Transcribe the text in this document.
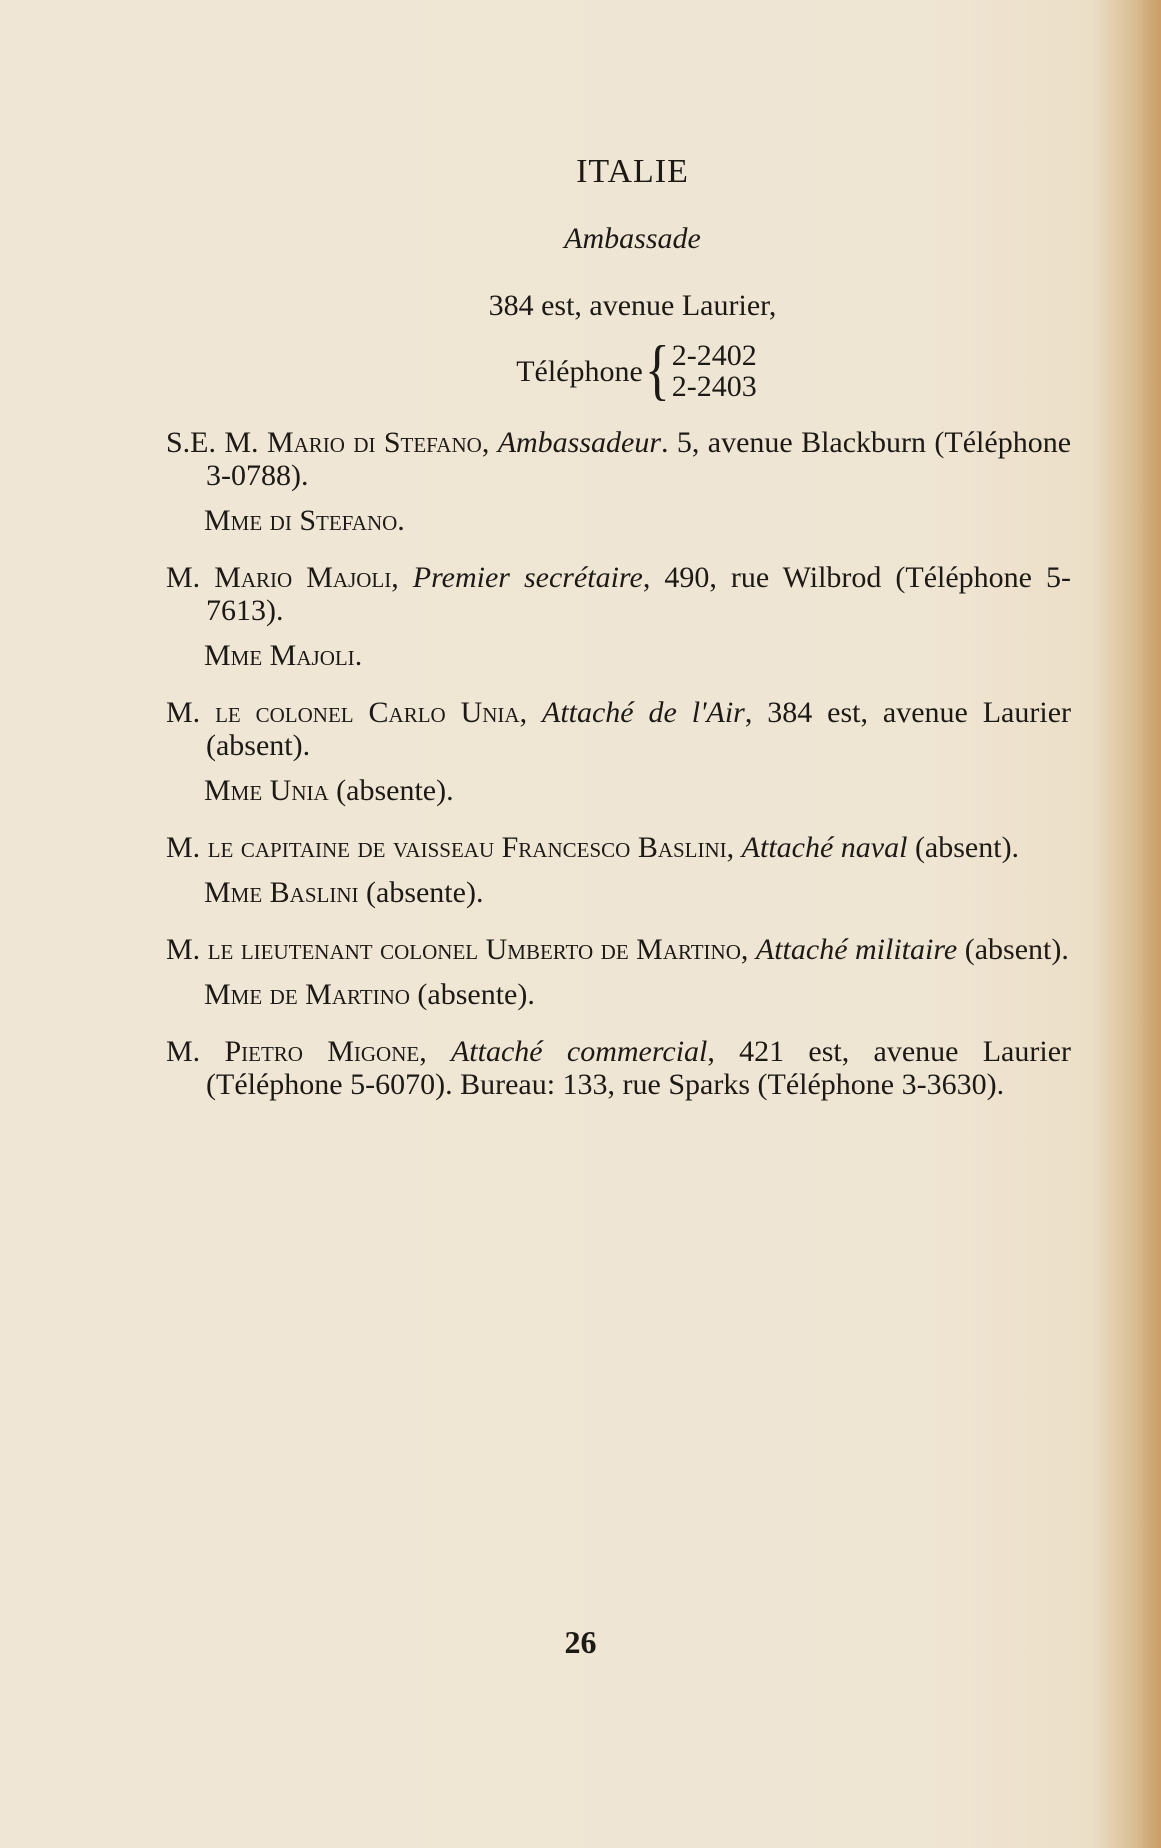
ITALIE
Ambassade
384 est, avenue Laurier,
Téléphone { 2-2402
2-2403

S.E. M. Mario di Stefano, Ambassadeur. 5, avenue Blackburn (Téléphone 3-0788).

Mme di Stefano.

M. Mario Majoli, Premier secrétaire, 490, rue Wilbrod (Téléphone 5-7613).

Mme Majoli.

M. le colonel Carlo Unia, Attaché de l'Air, 384 est, avenue Laurier (absent).

Mme Unia (absente).

M. le capitaine de vaisseau Francesco Baslini, Attaché naval (absent).

Mme Baslini (absente).

M. le lieutenant colonel Umberto de Martino, Attaché militaire (absent).

Mme de Martino (absente).

M. Pietro Migone, Attaché commercial, 421 est, avenue Laurier (Téléphone 5-6070). Bureau: 133, rue Sparks (Téléphone 3-3630).

26
